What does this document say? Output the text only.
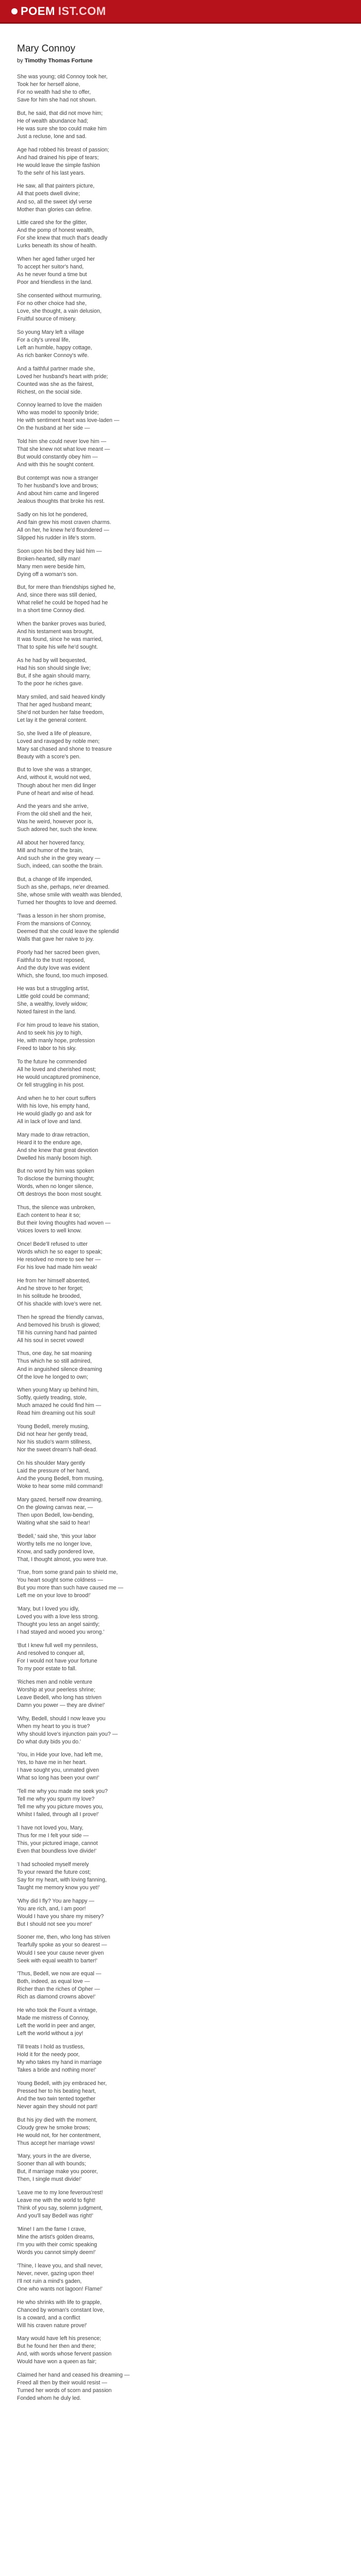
POEM IST.COM
Mary Connoy

by Timothy Thomas Fortune

She was young; old Connoy took her,
Took her for herself alone,
For no wealth had she to offer,
Save for him she had not shown.

But, he said, that did not move him;
He of wealth abundance had;
He was sure she too could make him
Just a recluse, lone and sad.

Age had robbed his breast of passion;
And had drained his pipe of tears;
He would leave the simple fashion
To the sehr of his last years.

He saw, all that painters picture,
All that poets dwell divine;
And so, all the sweet idyl verse
Mother than glories can define.

Little cared she for the glitter,
And the pomp of honest wealth,
For she knew that much that's deadly
Lurks beneath its show of health.

When her aged father urged her
To accept her suitor's hand,
As he never found a time but
Poor and friendless in the land.

She consented without murmuring,
For no other choice had she,
Love, she thought, a vain delusion,
Fruitful source of misery.

So young Mary left a village
For a city's unreal life,
Left an humble, happy cottage,
As rich banker Connoy's wife.

And a faithful partner made she,
Loved her husband's heart with pride;
Counted was she as the fairest,
Richest, on the social side.

Connoy learned to love the maiden
Who was model to spoonily bride;
He with sentiment heart was love-laden —
On the husband at her side —

Told him she could never love him —
That she knew not what love meant —
But would constantly obey him —
And with this he sought content.

But contempt was now a stranger
To her husband's love and brows;
And about him came and lingered
Jealous thoughts that broke his rest.

Sadly on his lot he pondered,
And fain grew his most craven charms.
All on her, he knew he'd floundered —
Slipped his rudder in life's storm.

Soon upon his bed they laid him —
Broken-hearted, silly man!
Many men were beside him,
Dying off a woman's son.

But, for mere than friendships sighed he,
And, since there was still denied,
What relief he could be hoped had he
In a short time Connoy died.

When the banker proves was buried,
And his testament was brought,
It was found, since he was married,
That to spite his wife he'd sought.

As he had by will bequested,
Had his son should single live;
But, if she again should marry,
To the poor he riches gave.

Mary smiled, and said heaved kindly
That her aged husband meant;
She'd not burden her false freedom,
Let lay it the general content.

So, she lived a life of pleasure,
Loved and ravaged by noble men;
Mary sat chased and shone to treasure
Beauty with a score's pen.

But to love she was a stranger,
And, without it, would not wed,
Though about her men did linger
Pune of heart and wise of head.

And the years and she arrive,
From the old shell and the heir,
Was he weird, however poor is,
Such adored her, such she knew.

All about her hovered fancy,
Mill and humor of the brain,
And such she in the grey weary —
Such, indeed, can soothe the brain.

But, a change of life impended,
Such as she, perhaps, ne'er dreamed.
She, whose smile with wealth was blended,
Turned her thoughts to love and deemed.

'Twas a lesson in her shorn promise,
From the mansions of Connoy,
Deemed that she could leave the splendid
Walls that gave her naive to joy.

Poorly had her sacred been given,
Faithful to the trust reposed,
And the duty love was evident
Which, she found, too much imposed.

He was but a struggling artist,
Little gold could be command;
She, a wealthy, lovely widow;
Noted fairest in the land.

For him proud to leave his station,
And to seek his joy to high,
He, with manly hope, profession
Freed to labor to his sky.

To the future he commended
All he loved and cherished most;
He would uncaptured prominence,
Or fell struggling in his post.

And when he to her court suffers
With his love, his empty hand,
He would gladly go and ask for
All in lack of love and land.

Mary made to draw retraction,
Heard it to the endure age,
And she knew that great devotion
Dwelled his manly bosom high.

But no word by him was spoken
To disclose the burning thought;
Words, when no longer silence,
Oft destroys the boon most sought.

Thus, the silence was unbroken,
Each content to hear it so;
But their loving thoughts had woven —
Voices lovers to well know.

Once! Bede'll refused to utter
Words which he so eager to speak;
He resolved no more to see her —
For his love had made him weak!

He from her himself absented,
And he strove to her forget;
In his solitude he brooded,
Of his shackle with love's were net.

Then he spread the friendly canvas,
And bemoved his brush is glowed;
Till his cunning hand had painted
All his soul in secret vowed!

Thus, one day, he sat moaning
Thus which he so still admired,
And in anguished silence dreaming
Of the love he longed to own;

When young Mary up behind him,
Softly, quietly treading, stole,
Much amazed he could find him —
Read him dreaming out his soul!

Young Bedell, merely musing,
Did not hear her gently tread,
Nor his studio's warm stillness,
Nor the sweet dream's half-dead.

On his shoulder Mary gently
Laid the pressure of her hand,
And the young Bedell, from musing,
Woke to hear some mild command!

Mary gazed, herself now dreaming,
On the glowing canvas near, —
Then upon Bedell, low-bending,
Waiting what she said to hear!

'Bedell,' said she, 'this your labor
Worthy tells me no longer love,
Know, and sadly pondered love,
That, I thought almost, you were true.

'True, from some grand pain to shield me,
You heart sought some coldness —
But you more than such have caused me —
Left me on your love to brood!'

'Mary, but I loved you idly,
Loved you with a love less strong.
Thought you less an angel saintly;
I had stayed and wooed you wrong.'

'But I knew full well my penniless,
And resolved to conquer all,
For I would not have your fortune
To my poor estate to fall.

'Riches men and noble venture
Worship at your peerless shrine;
Leave Bedell, who long has striven
Damn you power — they are divine!'

'Why, Bedell, should I now leave you
When my heart to you is true?
Why should love's injunction pain you? —
Do what duty bids you do.'

'You, in Hide your love, had left me,
Yes, to have me in her heart.
I have sought you, unmated given
What so long has been your own!'

'Tell me why you made me seek you?
Tell me why you spurn my love?
Tell me why you picture moves you,
Whilst I failed, through all I prove!'

'I have not loved you, Mary,
Thus for me I felt your side —
This, your pictured image, cannot
Even that boundless love divide!'

'I had schooled myself merely
To your reward the future cost;
Say for my heart, with loving fanning,
Taught me memory know you yet!'

'Why did I fly? You are happy —
You are rich, and, I am poor!
Would I have you share my misery?
But I should not see you more!'

Sooner me, then, who long has striven
Tearfully spoke as your so dearest —
Would I see your cause never given
Seek with equal wealth to barter!'

'Thus, Bedell, we now are equal —
Both, indeed, as equal love —
Richer than the riches of Opher —
Rich as diamond crowns above!'

He who took the Fount a vintage,
Made me mistress of Connoy,
Left the world in peer and anger,
Left the world without a joy!

Till treats I hold as trustless,
Hold it for the needy poor,
My who takes my hand in marriage
Takes a bride and nothing more!'

Young Bedell, with joy embraced her,
Pressed her to his beating heart,
And the two twin tented together
Never again they should not part!

But his joy died with the moment,
Cloudy grew he smoke brows;
He would not, for her contentment,
Thus accept her marriage vows!

'Mary, yours in the are diverse,
Sooner than all with bounds;
But, if marriage make you poorer,
Then, I single must divide!'

'Leave me to my lone feverous'rest!
Leave me with the world to fight!
Think of you say, solemn judgment,
And you'll say Bedell was right!'

'Mine! I am the fame I crave,
Mine the artist's golden dreams,
I'm you with their comic speaking
Words you cannot simply deem!'

'Thine, I leave you, and shall never,
Never, never, gazing upon thee!
I'll not ruin a mind's gaden,
One who wants not lagoon! Flame!'

He who shrinks with life to grapple,
Chanced by woman's constant love,
Is a coward, and a conflict
Will his craven nature prove!'

Mary would have left his presence;
But he found her then and there;
And, with words whose fervent passion
Would have won a queen as fair;

Claimed her hand and ceased his dreaming —
Freed all then by their would resist —
Turned her words of scorn and passion
Fonded whom he duly led.
